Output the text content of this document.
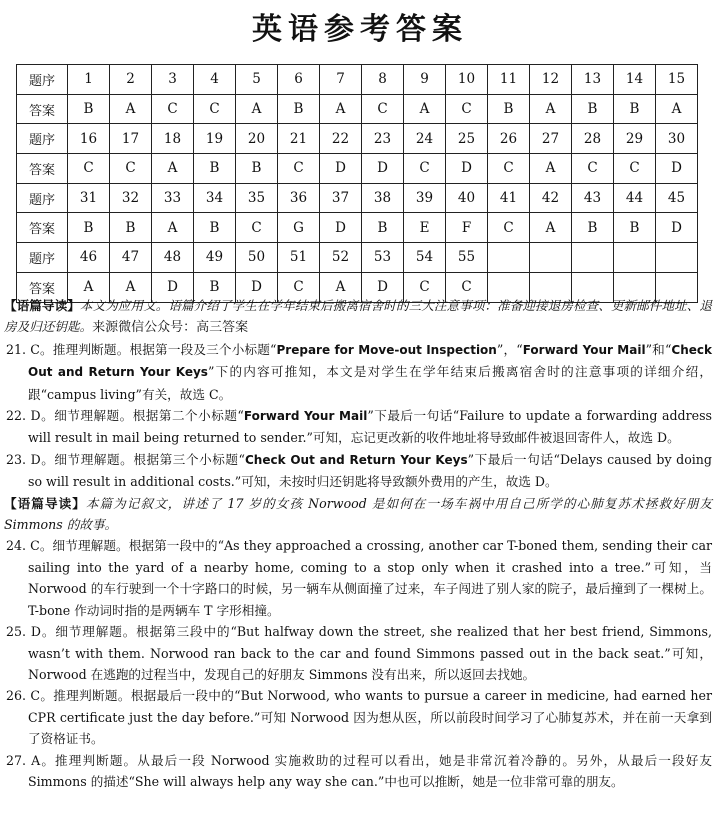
英语参考答案
题序	1	2	3	4	5	6	7	8	9	10	11	12	13	14	15
答案	B	A	C	C	A	B	A	C	A	C	B	A	B	B	A
题序	16	17	18	19	20	21	22	23	24	25	26	27	28	29	30
答案	C	C	A	B	B	C	D	D	C	D	C	A	C	C	D
题序	31	32	33	34	35	36	37	38	39	40	41	42	43	44	45
答案	B	B	A	B	C	G	D	B	E	F	C	A	B	B	D
题序	46	47	48	49	50	51	52	53	54	55					
答案	A	A	D	B	D	C	A	D	C	C					

【语篇导读】本文为应用文。语篇介绍了学生在学年结束后搬离宿舍时的三大注意事项：准备迎接退房检查、更新邮件地址、退房及归还钥匙。来源微信公众号：高三答案

21. C。推理判断题。根据第一段及三个小标题“Prepare for Move-out Inspection”，“Forward Your Mail”和“Check Out and Return Your Keys”下的内容可推知，本文是对学生在学年结束后搬离宿舍时的注意事项的详细介绍，跟“campus living”有关，故选 C。

22. D。细节理解题。根据第二个小标题“Forward Your Mail”下最后一句话“Failure to update a forwarding address will result in mail being returned to sender.”可知，忘记更改新的收件地址将导致邮件被退回寄件人，故选 D。

23. D。细节理解题。根据第三个小标题“Check Out and Return Your Keys”下最后一句话“Delays caused by doing so will result in additional costs.”可知，未按时归还钥匙将导致额外费用的产生，故选 D。

【语篇导读】本篇为记叙文，讲述了 17 岁的女孩 Norwood 是如何在一场车祸中用自己所学的心肺复苏术拯救好朋友 Simmons 的故事。

24. C。细节理解题。根据第一段中的“As they approached a crossing, another car T-boned them, sending their car sailing into the yard of a nearby home, coming to a stop only when it crashed into a tree.”可知，当 Norwood 的车行驶到一个十字路口的时候，另一辆车从侧面撞了过来，车子闯进了别人家的院子，最后撞到了一棵树上。T-bone 作动词时指的是两辆车 T 字形相撞。

25. D。细节理解题。根据第三段中的“But halfway down the street, she realized that her best friend, Simmons, wasn’t with them. Norwood ran back to the car and found Simmons passed out in the back seat.”可知，Norwood 在逃跑的过程当中，发现自己的好朋友 Simmons 没有出来，所以返回去找她。

26. C。推理判断题。根据最后一段中的“But Norwood, who wants to pursue a career in medicine, had earned her CPR certificate just the day before.”可知 Norwood 因为想从医，所以前段时间学习了心肺复苏术，并在前一天拿到了资格证书。

27. A。推理判断题。从最后一段 Norwood 实施救助的过程可以看出，她是非常沉着冷静的。另外，从最后一段好友 Simmons 的描述“She will always help any way she can.”中也可以推断，她是一位非常可靠的朋友。
